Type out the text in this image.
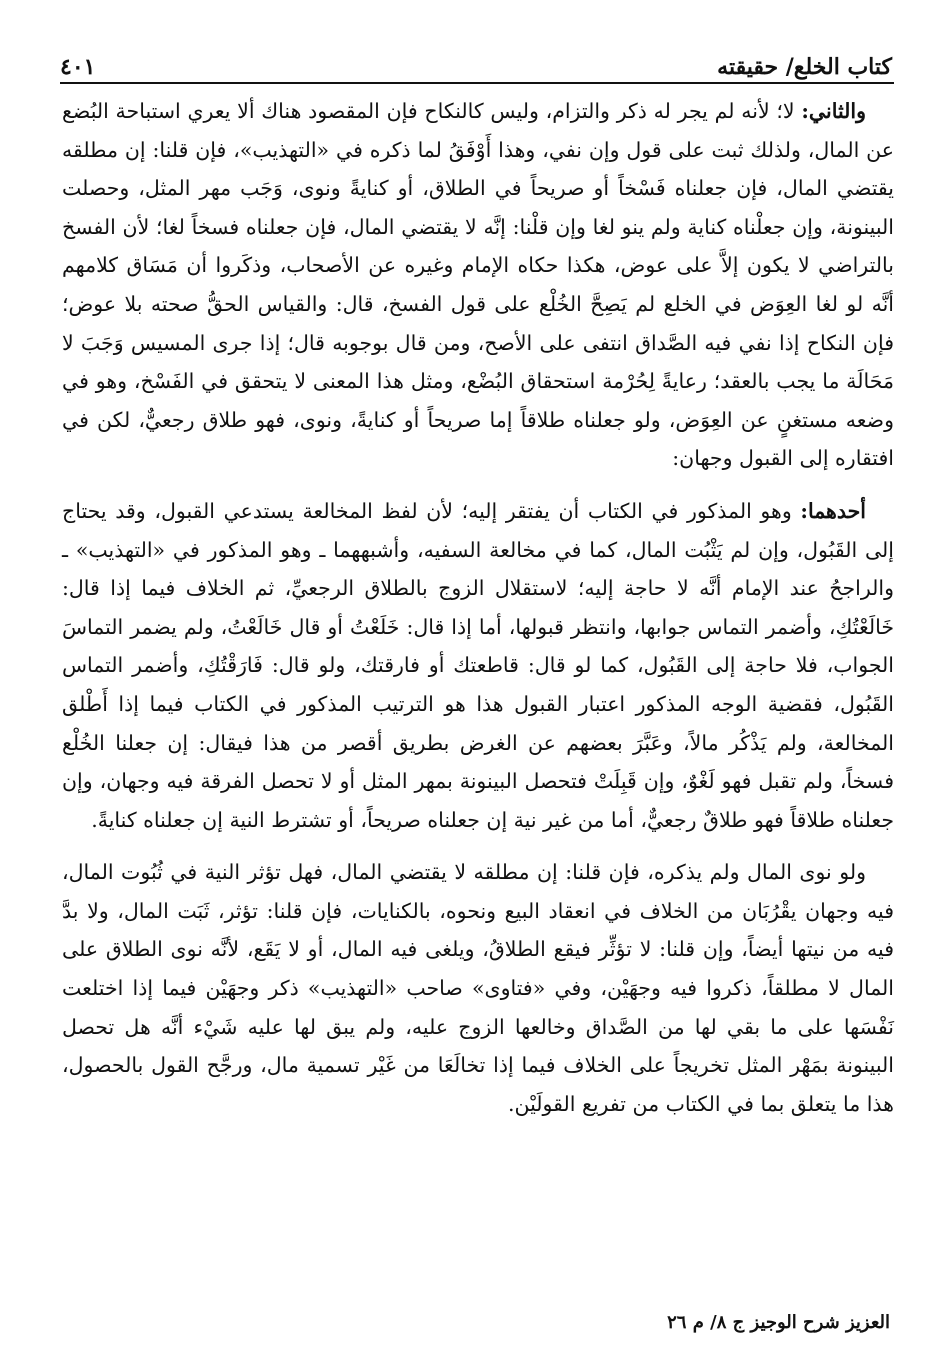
كتاب الخلع/ حقيقته
٤٠١

والثاني: لا؛ لأنه لم يجر له ذكر والتزام، وليس كالنكاح فإن المقصود هناك ألا يعري استباحة البُضع عن المال، ولذلك ثبت على قول وإن نفي، وهذا أَوْفَقُ لما ذكره في «التهذيب»، فإن قلنا: إن مطلقه يقتضي المال، فإن جعلناه فَسْخاً أو صريحاً في الطلاق، أو كنايةً ونوى، وَجَب مهر المثل، وحصلت البينونة، وإن جعلْناه كناية ولم ينو لغا وإن قلْنا: إنَّه لا يقتضي المال، فإن جعلناه فسخاً لغا؛ لأن الفسخ بالتراضي لا يكون إلاَّ على عوض، هكذا حكاه الإمام وغيره عن الأصحاب، وذكَروا أن مَسَاق كلامهم أنَّه لو لغا العِوَض في الخلع لم يَصِحَّ الخُلْع على قول الفسخ، قال: والقياس الحقُّ صحته بلا عوض؛ فإن النكاح إذا نفي فيه الصَّداق انتفى على الأصح، ومن قال بوجوبه قال؛ إذا جرى المسيس وَجَبَ لا مَحَالَة ما يجب بالعقد؛ رعايةً لِحُرْمة استحقاق البُضْع، ومثل هذا المعنى لا يتحقق في الفَسْخ، وهو في وضعه مستغنٍ عن العِوَض، ولو جعلناه طلاقاً إما صريحاً أو كنايةً، ونوى، فهو طلاق رجعيٌّ، لكن في افتقاره إلى القبول وجهان:

أحدهما: وهو المذكور في الكتاب أن يفتقر إليه؛ لأن لفظ المخالعة يستدعي القبول، وقد يحتاج إلى القَبُول، وإن لم يَثْبُت المال، كما في مخالعة السفيه، وأشبههما ـ وهو المذكور في «التهذيب» ـ والراجحُ عند الإمام أنَّه لا حاجة إليه؛ لاستقلال الزوج بالطلاق الرجعيِّ، ثم الخلاف فيما إذا قال: خَالَعْتُكِ، وأضمر التماس جوابها، وانتظر قبولها، أما إذا قال: خَلَعْتُ أو قال خَالَعْتُ، ولم يضمر التماسَ الجواب، فلا حاجة إلى القَبُول، كما لو قال: قاطعتك أو فارقتك، ولو قال: فَارَقْتُكِ، وأضمر التماس القَبُول، فقضية الوجه المذكور اعتبار القبول هذا هو الترتيب المذكور في الكتاب فيما إذا أَطْلق المخالعة، ولم يَذْكُر مالاً، وعَبَّرَ بعضهم عن الغرض بطريق أقصر من هذا فيقال: إن جعلنا الخُلْع فسخاً، ولم تقبل فهو لَغْوٌ، وإن قَبِلَتْ فتحصل البينونة بمهر المثل أو لا تحصل الفرقة فيه وجهان، وإن جعلناه طلاقاً فهو طلاقٌ رجعيٌّ، أما من غير نية إن جعلناه صريحاً، أو تشترط النية إن جعلناه كنايةً.

ولو نوى المال ولم يذكره، فإن قلنا: إن مطلقه لا يقتضي المال، فهل تؤثر النية في ثُبُوت المال، فيه وجهان يقْرُبَان من الخلاف في انعقاد البيع ونحوه، بالكنايات، فإن قلنا: تؤثر، ثَبَت المال، ولا بدَّ فيه من نيتها أيضاً، وإن قلنا: لا تؤثِّر فيقع الطلاقُ، ويلغى فيه المال، أو لا يَقَع، لأنَّه نوى الطلاق على المال لا مطلقاً، ذكروا فيه وجهَيْن، وفي «فتاوى» صاحب «التهذيب» ذكر وجهَيْن فيما إذا اختلعت نَفْسَها على ما بقي لها من الصَّداق وخالعها الزوج عليه، ولم يبق لها عليه شَيْء أنَّه هل تحصل البينونة بمَهْر المثل تخريجاً على الخلاف فيما إذا تخالَعَا من غَيْر تسمية مال، ورجَّح القول بالحصول، هذا ما يتعلق بما في الكتاب من تفريع القولَيْن.

العزيز شرح الوجيز ج ٨/ م ٢٦
